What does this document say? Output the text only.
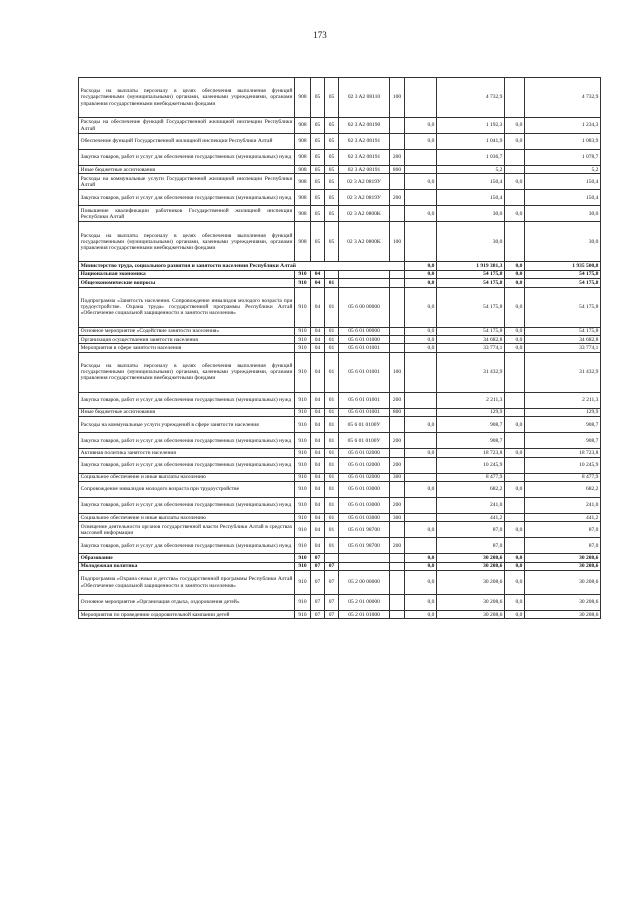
173
Расходы на выплаты персоналу в целях обеспечения выполнения функций государственными (муниципальными) органами, казенными учреждениями, органами управления государственными внебюджетными фондами	908	05	05	02 3 A2 08110	100		4 732,9		4 732,9
Расходы на обеспечение функций Государственной жилищной инспекции Республики Алтай	908	05	05	02 3 A2 08190		0,0	1 192,3	0,0	1 234,3
Обеспечение функций Государственной жилищной инспекции Республики Алтай	908	05	05	02 3 A2 08191		0,0	1 041,9	0,0	1 083,9
Закупка товаров, работ и услуг для обеспечения государственных (муниципальных) нужд	908	05	05	02 3 A2 08191	200		1 036,7		1 078,7
Иные бюджетные ассигнования	908	05	05	02 3 A2 08191	800		5,2		5,2
Расходы на коммунальные услуги Государственной жилищной инспекции Республики Алтай	908	05	05	02 3 A2 0819У		0,0	150,4	0,0	150,4
Закупка товаров, работ и услуг для обеспечения государственных (муниципальных) нужд	908	05	05	02 3 A2 0819У	200		150,4		150,4
Повышение квалификации работников Государственной жилищной инспекции Республики Алтай	908	05	05	02 3 A2 0800K		0,0	30,0	0,0	30,0
Расходы на выплаты персоналу в целях обеспечения выполнения функций государственными (муниципальными) органами, казенными учреждениями, органами управления государственными внебюджетными фондами	908	05	05	02 3 A2 0800K	100		30,0		30,0
Министерство труда, социального развития и занятости населения Республики Алтай						0,0	1 919 381,3	0,0	1 935 500,8
Национальная экономика	910	04				0,0	54 175,8	0,0	54 175,8
Общеэкономические вопросы	910	04	01			0,0	54 175,8	0,0	54 175,8
Подпрограмма «Занятость населения. Сопровождение инвалидов молодого возраста при трудоустройстве. Охрана труда» государственной программы Республики Алтай «Обеспечение социальной защищенности и занятости населения»	910	04	01	05 6 00 00000		0,0	54 175,8	0,0	54 175,8
Основное мероприятие «Содействие занятости населения»	910	04	01	05 6 01 00000		0,0	54 175,8	0,0	54 175,8
Организация осуществления занятости населения	910	04	01	05 6 01 01000		0,0	34 682,8	0,0	34 682,8
Мероприятия в сфере занятости населения	910	04	01	05 6 01 01001		0,0	33 774,1	0,0	33 774,1
Расходы на выплаты персоналу в целях обеспечения выполнения функций государственными (муниципальными) органами, казенными учреждениями, органами управления государственными внебюджетными фондами	910	04	01	05 6 01 01001	100		31 432,9		31 432,9
Закупка товаров, работ и услуг для обеспечения государственных (муниципальных) нужд	910	04	01	05 6 01 01001	200		2 211,3		2 211,3
Иные бюджетные ассигнования	910	04	01	05 6 01 01001	800		129,9		129,9
Расходы на коммунальные услуги учреждений в сфере занятости населения	910	04	01	05 6 01 0100У		0,0	908,7	0,0	908,7
Закупка товаров, работ и услуг для обеспечения государственных (муниципальных) нужд	910	04	01	05 6 01 0100У	200		908,7		908,7
Активная политика занятости населения	910	04	01	05 6 01 02000		0,0	18 723,8	0,0	18 723,8
Закупка товаров, работ и услуг для обеспечения государственных (муниципальных) нужд	910	04	01	05 6 01 02000	200		10 245,9		10 245,9
Социальное обеспечение и иные выплаты населению	910	04	01	05 6 01 02000	300		8 477,9		8 477,9
Сопровождение инвалидов молодого возраста при трудоустройстве	910	04	01	05 6 01 03000		0,0	682,2	0,0	682,2
Закупка товаров, работ и услуг для обеспечения государственных (муниципальных) нужд	910	04	01	05 6 01 03000	200		241,0		241,0
Социальное обеспечение и иные выплаты населению	910	04	01	05 6 01 03000	300		441,2		441,2
Освещение деятельности органов государственной власти Республики Алтай в средствах массовой информации	910	04	01	05 6 01 98700		0,0	87,0	0,0	87,0
Закупка товаров, работ и услуг для обеспечения государственных (муниципальных) нужд	910	04	01	05 6 01 98700	200		87,0		87,0
Образование	910	07				0,0	30 208,6	0,0	30 208,6
Молодежная политика	910	07	07			0,0	30 208,6	0,0	30 208,6
Подпрограмма «Охрана семьи и детства» государственной программы Республики Алтай «Обеспечение социальной защищенности и занятости населения»	910	07	07	05 2 00 00000		0,0	30 208,6	0,0	30 208,6
Основное мероприятие «Организация отдыха, оздоровления детей»	910	07	07	05 2 01 00000		0,0	30 208,6	0,0	30 208,6
Мероприятия по проведению оздоровительной кампании детей	910	07	07	05 2 01 01000		0,0	30 208,6	0,0	30 208,6
